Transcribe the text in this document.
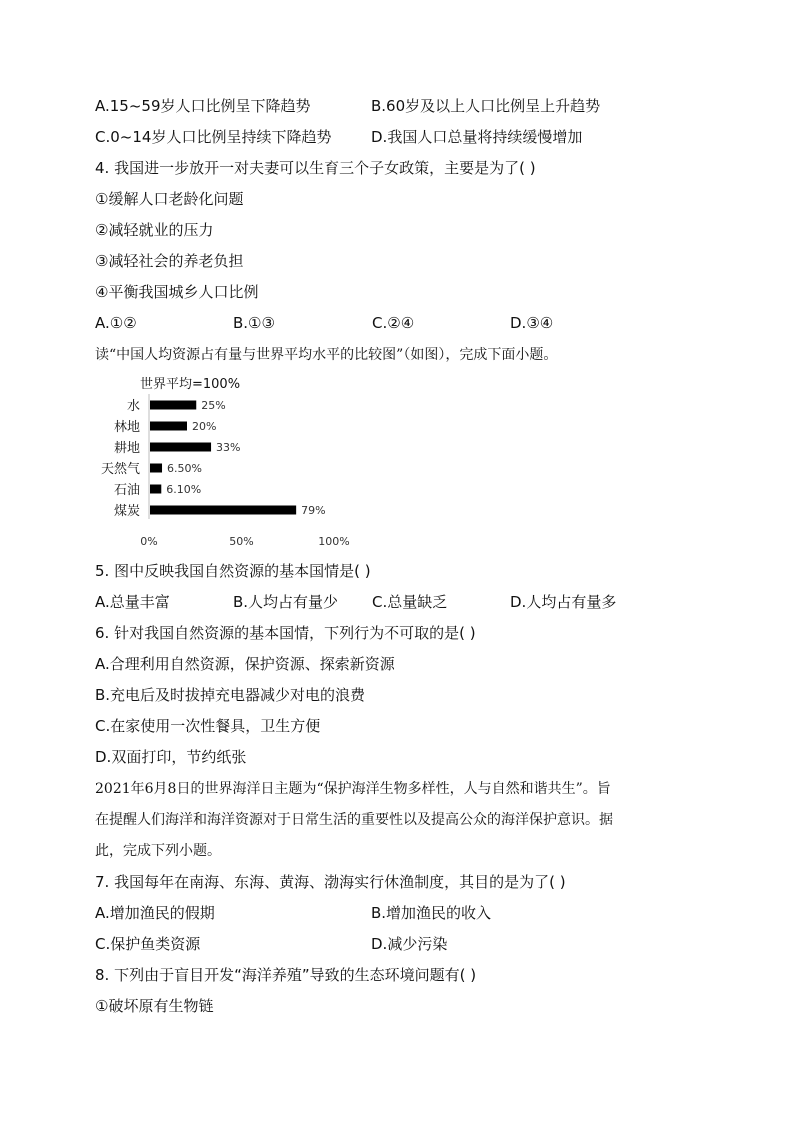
A.15~59岁人口比例呈下降趋势	B.60岁及以上人口比例呈上升趋势
C.0~14岁人口比例呈持续下降趋势	D.我国人口总量将持续缓慢增加
4. 我国进一步放开一对夫妻可以生育三个子女政策，主要是为了( )
①缓解人口老龄化问题
②减轻就业的压力
③减轻社会的养老负担
④平衡我国城乡人口比例
A.①②	B.①③	C.②④	D.③④
读“中国人均资源占有量与世界平均水平的比较图”（如图），完成下面小题。
世界平均=100%
水	25%
林地	20%
耕地	33%
天然气 6.50%
石油 6.10%
煤炭	79%
0%	50%	100%
5. 图中反映我国自然资源的基本国情是( )
A.总量丰富	B.人均占有量少 C.总量缺乏	D.人均占有量多
6. 针对我国自然资源的基本国情，下列行为不可取的是( )
A.合理利用自然资源，保护资源、探索新资源
B.充电后及时拔掉充电器减少对电的浪费
C.在家使用一次性餐具，卫生方便
D.双面打印，节约纸张
2021年6月8日的世界海洋日主题为“保护海洋生物多样性，人与自然和谐共生”。旨
在提醒人们海洋和海洋资源对于日常生活的重要性以及提高公众的海洋保护意识。据
此，完成下列小题。
7. 我国每年在南海、东海、黄海、渤海实行休渔制度，其目的是为了( )
A.增加渔民的假期	B.增加渔民的收入
C.保护鱼类资源	D.减少污染
8. 下列由于盲目开发“海洋养殖”导致的生态环境问题有( )
①破坏原有生物链
